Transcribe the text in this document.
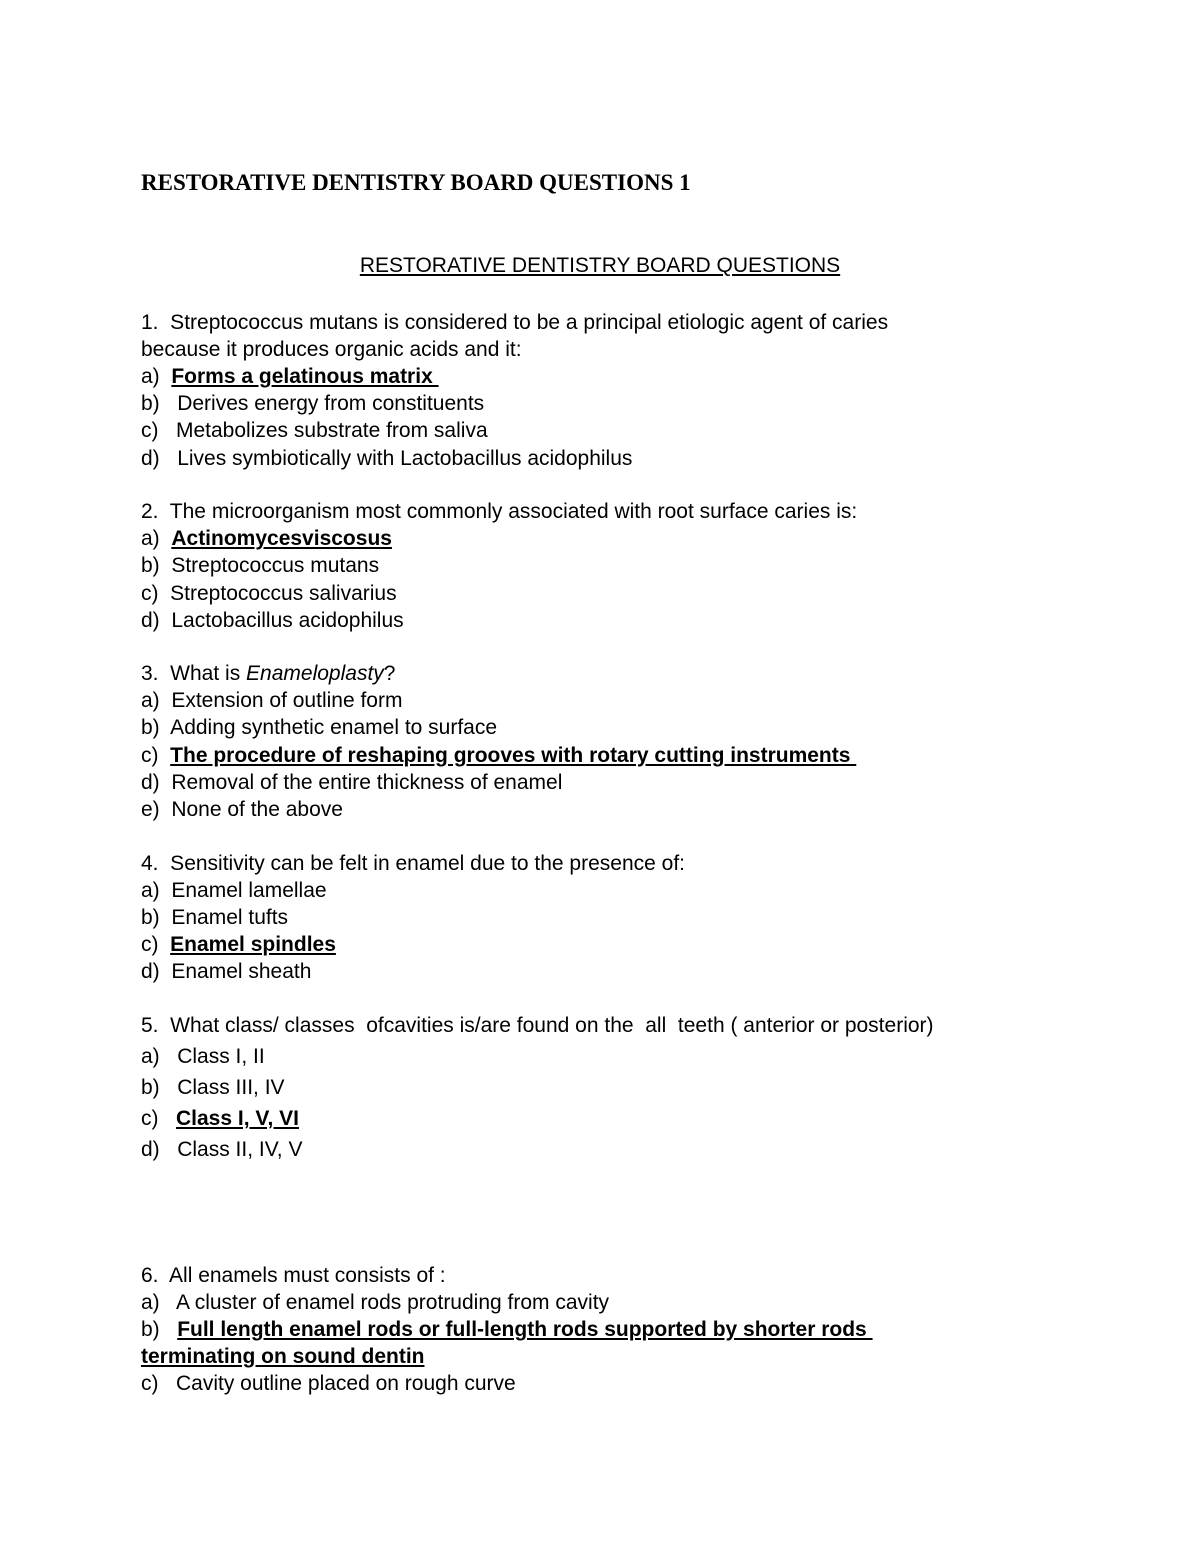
RESTORATIVE DENTISTRY BOARD QUESTIONS 1
RESTORATIVE DENTISTRY BOARD QUESTIONS
1.  Streptococcus mutans is considered to be a principal etiologic agent of caries
because it produces organic acids and it:
a)  Forms a gelatinous matrix
b)   Derives energy from constituents
c)   Metabolizes substrate from saliva
d)   Lives symbiotically with Lactobacillus acidophilus
2.  The microorganism most commonly associated with root surface caries is:
a)  Actinomycesviscosus
b)  Streptococcus mutans
c)  Streptococcus salivarius
d)  Lactobacillus acidophilus
3.  What is Enameloplasty?
a)  Extension of outline form
b)  Adding synthetic enamel to surface
c)  The procedure of reshaping grooves with rotary cutting instruments
d)  Removal of the entire thickness of enamel
e)  None of the above
4.  Sensitivity can be felt in enamel due to the presence of:
a)  Enamel lamellae
b)  Enamel tufts
c)  Enamel spindles
d)  Enamel sheath
5.  What class/ classes  ofcavities is/are found on the  all  teeth ( anterior or posterior)
a)   Class I, II
b)   Class III, IV
c)   Class I, V, VI
d)   Class II, IV, V
6.  All enamels must consists of :
a)   A cluster of enamel rods protruding from cavity
b)   Full length enamel rods or full-length rods supported by shorter rods
terminating on sound dentin
c)   Cavity outline placed on rough curve
